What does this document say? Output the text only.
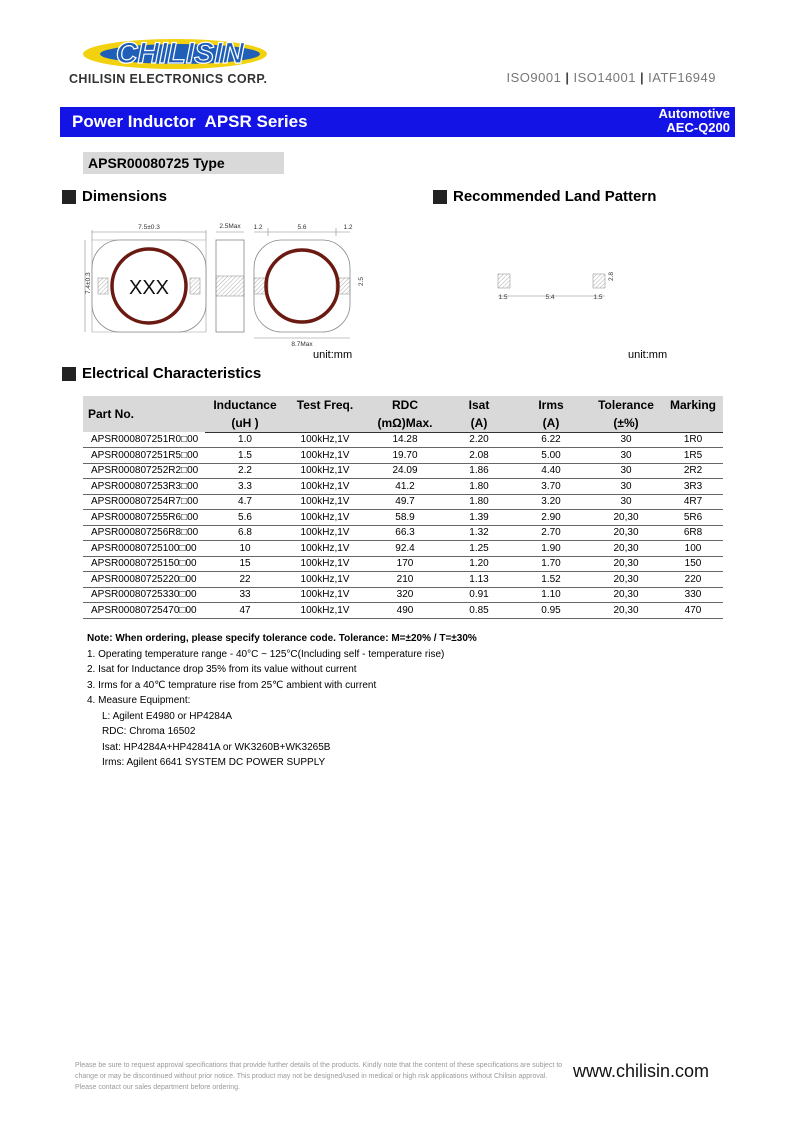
CHILISIN
CHILISIN ELECTRONICS CORP.	ISO9001 | ISO14001 | IATF16949
Power Inductor  APSR Series	Automotive
AEC-Q200
APSR00080725 Type
Dimensions	Recommended Land Pattern
7.5±0.3
XXX
7.4±0.3
2.5Max 1.2	5.6	1.2
2.5
8.7Max
unit:mm
1.5	5.4	1.5
2.8
unit:mm
Electrical Characteristics
Part No.	Inductance	Test Freq.	RDC	Isat	Irms	Tolerance	Marking
	(uH )		(mΩ)Max.	(A)	(A)	(±%)	
APSR000807251R0□00	1.0	100kHz,1V	14.28	2.20	6.22	30	1R0
APSR000807251R5□00	1.5	100kHz,1V	19.70	2.08	5.00	30	1R5
APSR000807252R2□00	2.2	100kHz,1V	24.09	1.86	4.40	30	2R2
APSR000807253R3□00	3.3	100kHz,1V	41.2	1.80	3.70	30	3R3
APSR000807254R7□00	4.7	100kHz,1V	49.7	1.80	3.20	30	4R7
APSR000807255R6□00	5.6	100kHz,1V	58.9	1.39	2.90	20,30	5R6
APSR000807256R8□00	6.8	100kHz,1V	66.3	1.32	2.70	20,30	6R8
APSR00080725100□00	10	100kHz,1V	92.4	1.25	1.90	20,30	100
APSR00080725150□00	15	100kHz,1V	170	1.20	1.70	20,30	150
APSR00080725220□00	22	100kHz,1V	210	1.13	1.52	20,30	220
APSR00080725330□00	33	100kHz,1V	320	0.91	1.10	20,30	330
APSR00080725470□00	47	100kHz,1V	490	0.85	0.95	20,30	470
Note: When ordering, please specify tolerance code. Tolerance: M=±20% / T=±30%
1. Operating temperature range - 40°C ~ 125°C(Including self - temperature rise)
2. Isat for Inductance drop 35% from its value without current
3. Irms for a 40℃ temprature rise from 25℃ ambient with current
4. Measure Equipment:
L: Agilent E4980 or HP4284A
RDC: Chroma 16502
Isat: HP4284A+HP42841A or WK3260B+WK3265B
Irms: Agilent 6641 SYSTEM DC POWER SUPPLY
Please be sure to request approval specifications that provide further details of the products. Kindly note that the content of these specifications are subject to change or may be discontinued without prior notice. This product may not be designed/used in medical or high risk applications without Chilisin approval. Please contact our sales department before ordering.
www.chilisin.com
